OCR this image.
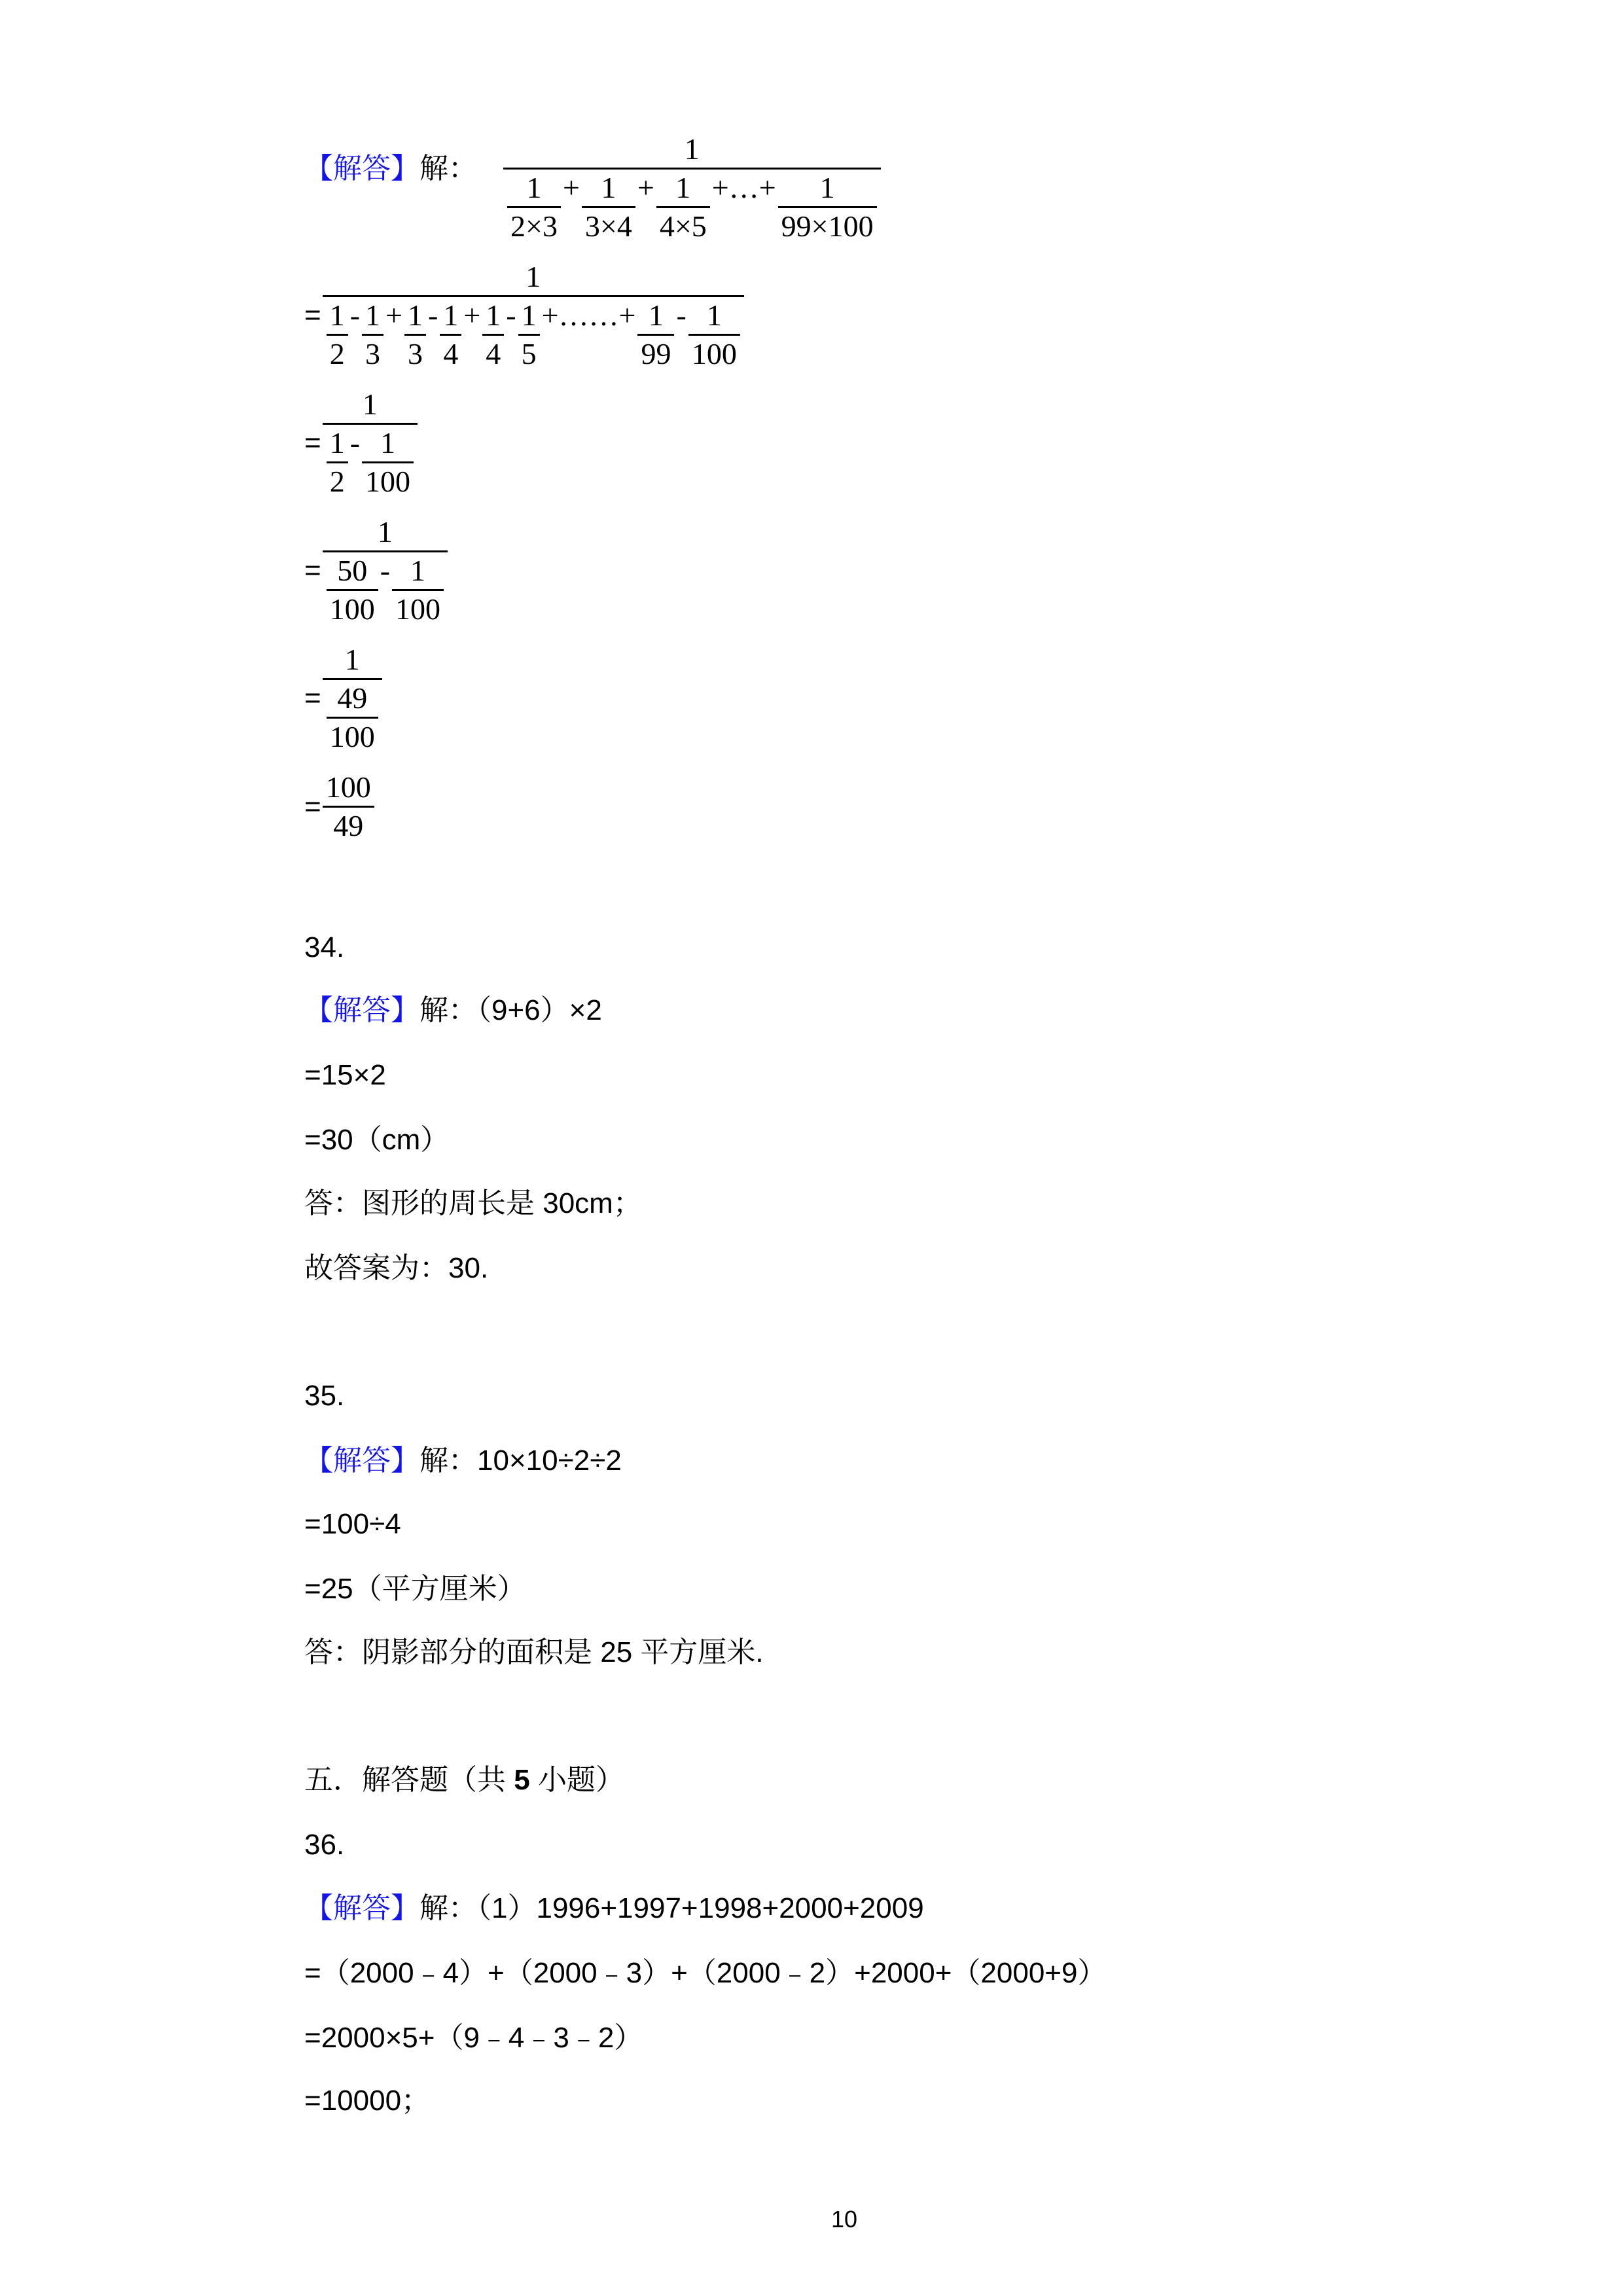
【解答】解： $\frac{1}{\frac{1}{2\times 3} + \frac{1}{3\times 4} + \frac{1}{4\times 5} +\dots+ \frac{1}{99\times 100}}$
= $\frac{1}{\frac{1}{2} - \frac{1}{3} + \frac{1}{3} - \frac{1}{4} + \frac{1}{4} - \frac{1}{5} +\dots\dots+ \frac{1}{99} - \frac{1}{100}}$
= $\frac{1}{\frac{1}{2} - \frac{1}{100}}$
= $\frac{1}{\frac{50}{100} - \frac{1}{100}}$
= $\frac{1}{\frac{49}{100}}$
= $\frac{100}{49}$
34.
【解答】解：（9+6）×2
=15×2
=30（cm）
答：图形的周长是 30cm；
故答案为：30.
35.
【解答】解：10×10÷2÷2
=100÷4
=25（平方厘米）
答：阴影部分的面积是 25 平方厘米.
五．解答题（共 5 小题）
36.
【解答】解：（1）1996+1997+1998+2000+2009
=（2000﹣4）+（2000﹣3）+（2000﹣2）+2000+（2000+9）
=2000×5+（9﹣4﹣3﹣2）
=10000；
10
